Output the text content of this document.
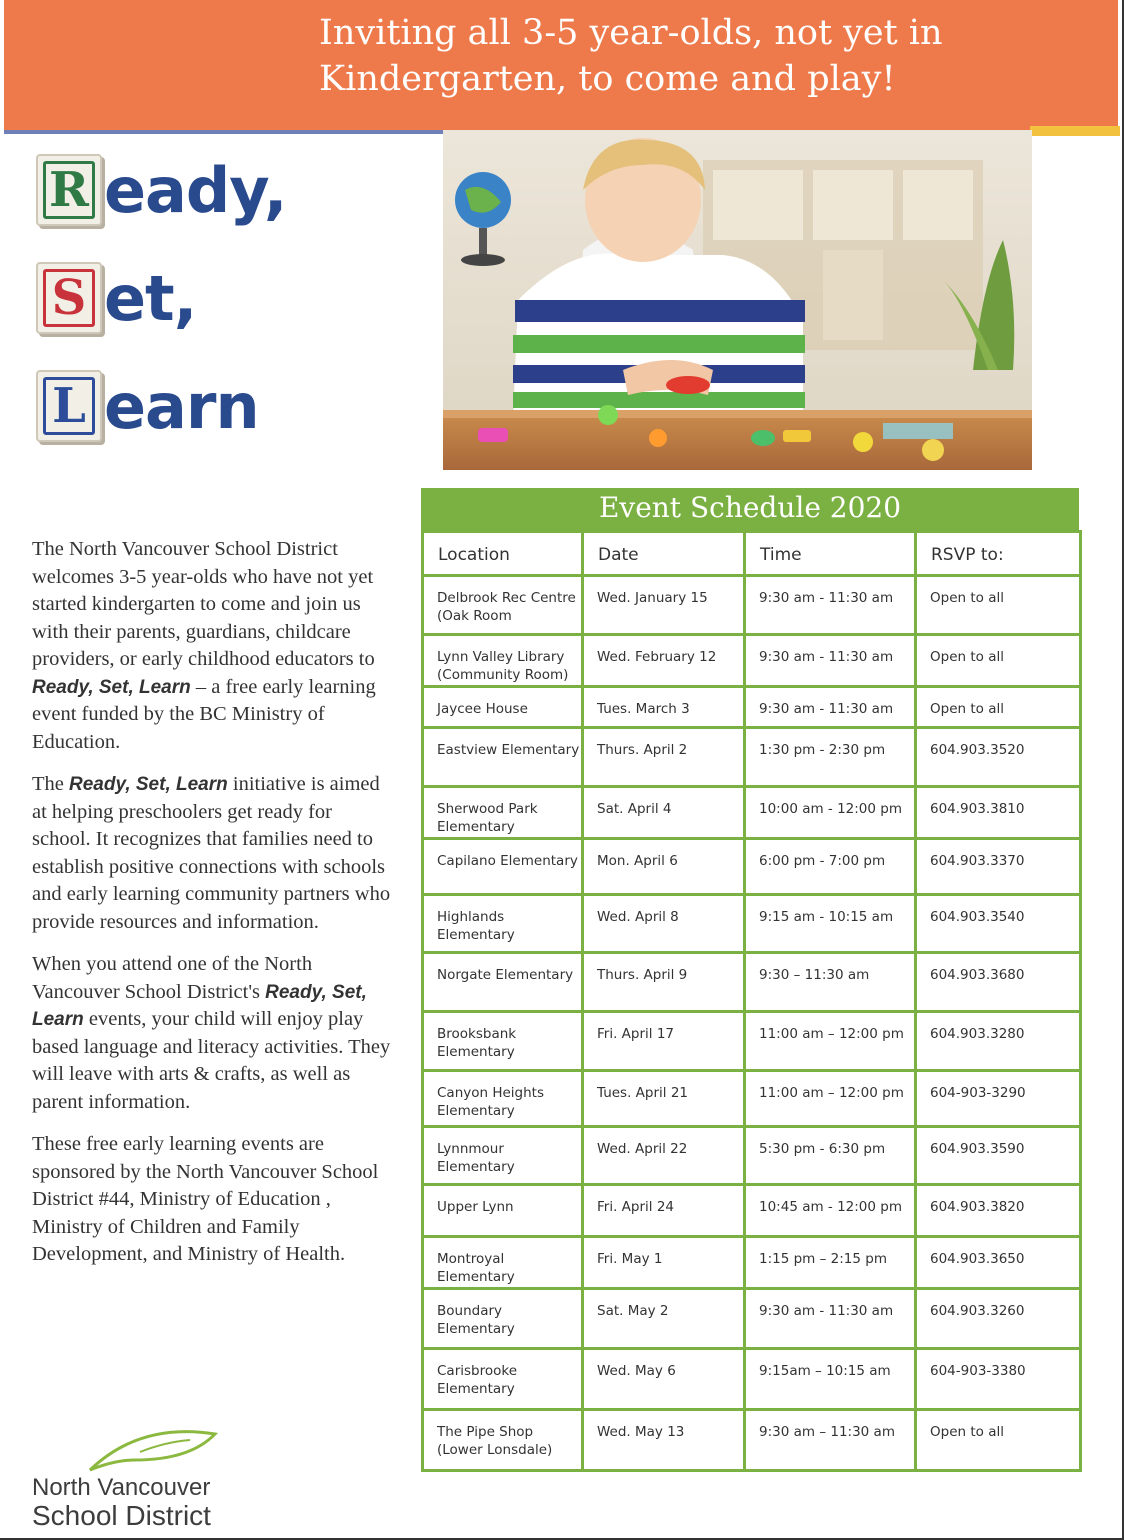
Inviting all 3-5 year-olds, not yet in
Kindergarten, to come and play!
R eady,
S et,
L earn

The North Vancouver School District welcomes 3-5 year-olds who have not yet started kindergarten to come and join us with their parents, guardians, childcare providers, or early childhood educators to Ready, Set, Learn – a free early learning event funded by the BC Ministry of Education.

The Ready, Set, Learn initiative is aimed at helping preschoolers get ready for school. It recognizes that families need to establish positive connections with schools and early learning community partners who provide resources and information.

When you attend one of the North Vancouver School District's Ready, Set, Learn events, your child will enjoy play based language and literacy activities. They will leave with arts & crafts, as well as parent information.

These free early learning events are sponsored by the North Vancouver School District #44, Ministry of Education , Ministry of Children and Family Development, and Ministry of Health.

North Vancouver
School District
Event Schedule 2020
Location	Date	Time	RSVP to:
Delbrook Rec Centre (Oak Room	Wed. January 15	9:30 am - 11:30 am	Open to all
Lynn Valley Library (Community Room)	Wed. February 12	9:30 am - 11:30 am	Open to all
Jaycee House	Tues. March 3	9:30 am - 11:30 am	Open to all
Eastview Elementary	Thurs. April 2	1:30 pm - 2:30 pm	604.903.3520
Sherwood Park Elementary	Sat. April 4	10:00 am - 12:00 pm	604.903.3810
Capilano Elementary	Mon. April 6	6:00 pm - 7:00 pm	604.903.3370
Highlands Elementary	Wed. April 8	9:15 am - 10:15 am	604.903.3540
Norgate Elementary	Thurs. April 9	9:30 – 11:30 am	604.903.3680
Brooksbank Elementary	Fri. April 17	11:00 am – 12:00 pm	604.903.3280
Canyon Heights Elementary	Tues. April 21	11:00 am – 12:00 pm	604-903-3290
Lynnmour Elementary	Wed. April 22	5:30 pm - 6:30 pm	604.903.3590
Upper Lynn	Fri. April 24	10:45 am - 12:00 pm	604.903.3820
Montroyal Elementary	Fri. May 1	1:15 pm – 2:15 pm	604.903.3650
Boundary Elementary	Sat. May 2	9:30 am - 11:30 am	604.903.3260
Carisbrooke Elementary	Wed. May 6	9:15am – 10:15 am	604-903-3380
The Pipe Shop (Lower Lonsdale)	Wed. May 13	9:30 am – 11:30 am	Open to all
